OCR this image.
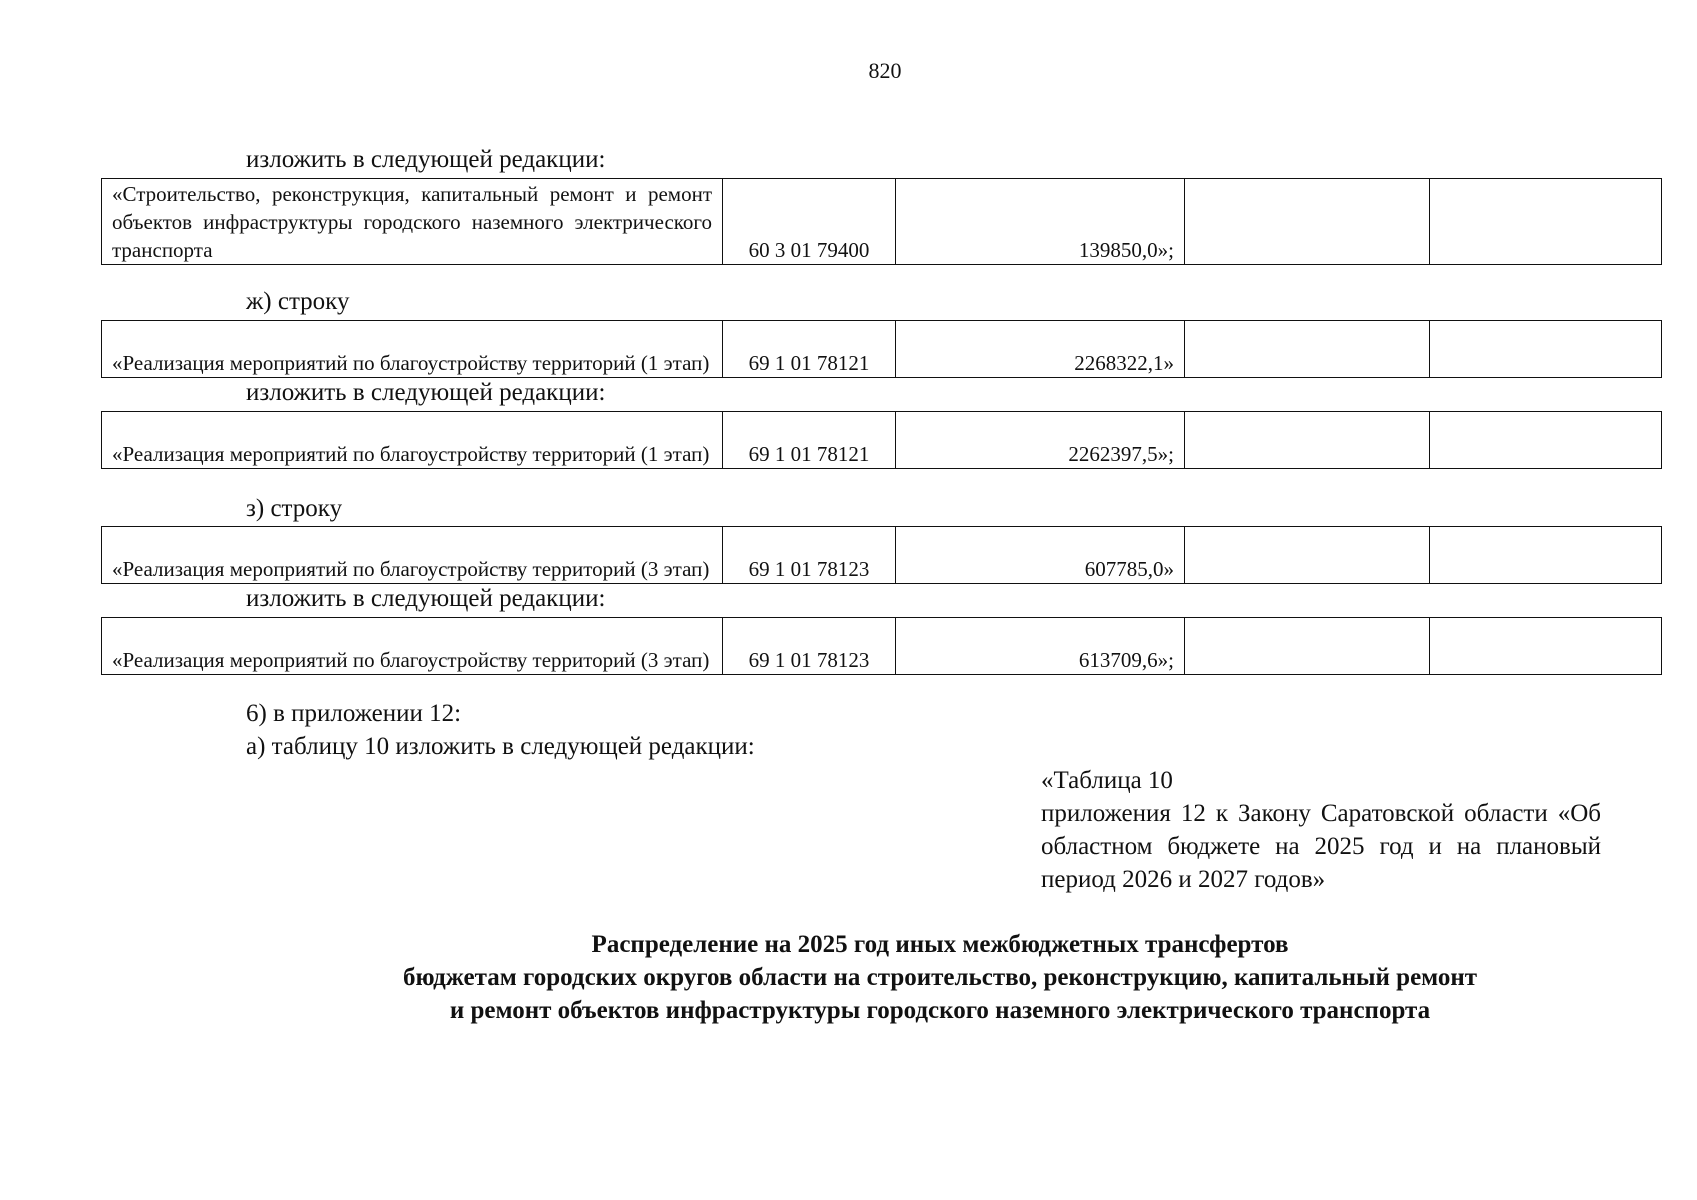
820
изложить в следующей редакции:
«Строительство, реконструкция, капитальный ремонт и ремонт объектов инфраструктуры городского наземного электрического транспорта	60 3 01 79400	139850,0»;		
ж) строку
«Реализация мероприятий по благоустройству территорий (1 этап)	69 1 01 78121	2268322,1»		
изложить в следующей редакции:
«Реализация мероприятий по благоустройству территорий (1 этап)	69 1 01 78121	2262397,5»;		
з) строку
«Реализация мероприятий по благоустройству территорий (3 этап)	69 1 01 78123	607785,0»		
изложить в следующей редакции:
«Реализация мероприятий по благоустройству территорий (3 этап)	69 1 01 78123	613709,6»;		
6) в приложении 12:
а) таблицу 10 изложить в следующей редакции:
«Таблица 10
приложения 12 к Закону Саратовской области «Об областном бюджете на 2025 год и на плановый период 2026 и 2027 годов»
Распределение на 2025 год иных межбюджетных трансфертов
бюджетам городских округов области на строительство, реконструкцию, капитальный ремонт
и ремонт объектов инфраструктуры городского наземного электрического транспорта
